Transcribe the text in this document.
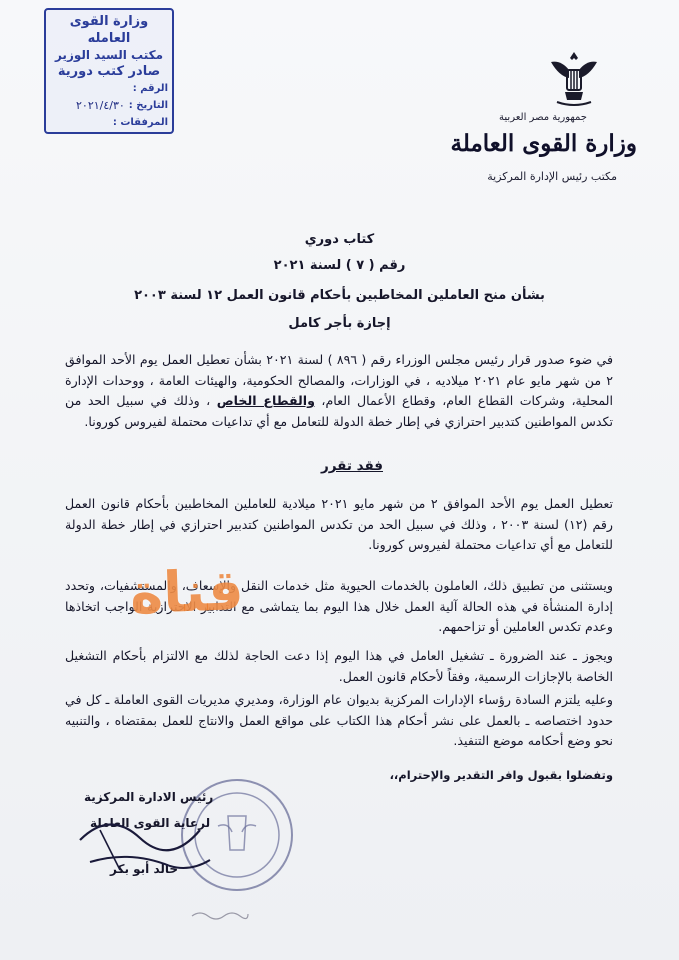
وزارة القوى العامله
مكتب السيد الوزير
صادر كتب دورية
الرقم :
التاريخ :
٢٠٢١/٤/٣٠
المرفقات :	جمهورية مصر العربية
وزارة القوى العاملة
مكتب رئيس الإدارة المركزية
كتاب دوري
رقم ( ٧ ) لسنة ٢٠٢١
بشأن منح العاملين المخاطبين بأحكام قانون العمل ١٢ لسنة ٢٠٠٣
إجازة بأجر كامل
في ضوء صدور قرار رئيس مجلس الوزراء رقم ( ٨٩٦ ) لسنة ٢٠٢١ بشأن تعطيل العمل يوم الأحد الموافق ٢ من شهر مايو عام ٢٠٢١ ميلاديه ، في الوزارات، والمصالح الحكومية، والهيئات العامة ، ووحدات الإدارة المحلية، وشركات القطاع العام، وقطاع الأعمال العام، والقطاع الخاص ، وذلك في سبيل الحد من تكدس المواطنين كتدبير احترازي في إطار خطة الدولة للتعامل مع أي تداعيات محتملة لفيروس كورونا.
فقد تقرر
تعطيل العمل يوم الأحد الموافق ٢ من شهر مايو ٢٠٢١ ميلادية للعاملين المخاطبين بأحكام قانون العمل رقم (١٢) لسنة ٢٠٠٣ ، وذلك في سبيل الحد من تكدس المواطنين كتدبير احترازي في إطار خطة الدولة للتعامل مع أي تداعيات محتملة لفيروس كورونا.
ويستثنى من تطبيق ذلك، العاملون بالخدمات الحيوية مثل خدمات النقل والإسعاف، والمستشفيات، وتحدد إدارة المنشأة في هذه الحالة آلية العمل خلال هذا اليوم بما يتماشى مع التدابير الاحترازية الواجب اتخاذها وعدم تكدس العاملين أو تزاحمهم.
ويجوز ـ عند الضرورة ـ تشغيل العامل في هذا اليوم إذا دعت الحاجة لذلك مع الالتزام بأحكام التشغيل الخاصة بالإجازات الرسمية، وفقاً لأحكام قانون العمل.
وعليه يلتزم السادة رؤساء الإدارات المركزية بديوان عام الوزارة، ومديري مديريات القوى العاملة ـ كل في حدود اختصاصه ـ بالعمل على نشر أحكام هذا الكتاب على مواقع العمل والانتاج للعمل بمقتضاه ، والتنبيه نحو وضع أحكامه موضع التنفيذ.
وتفضلوا بقبول وافر التقدير والإحترام،،
رئيس الادارة المركزية
لرعاية القوى العاملة
خالد أبو بكر
قناة
